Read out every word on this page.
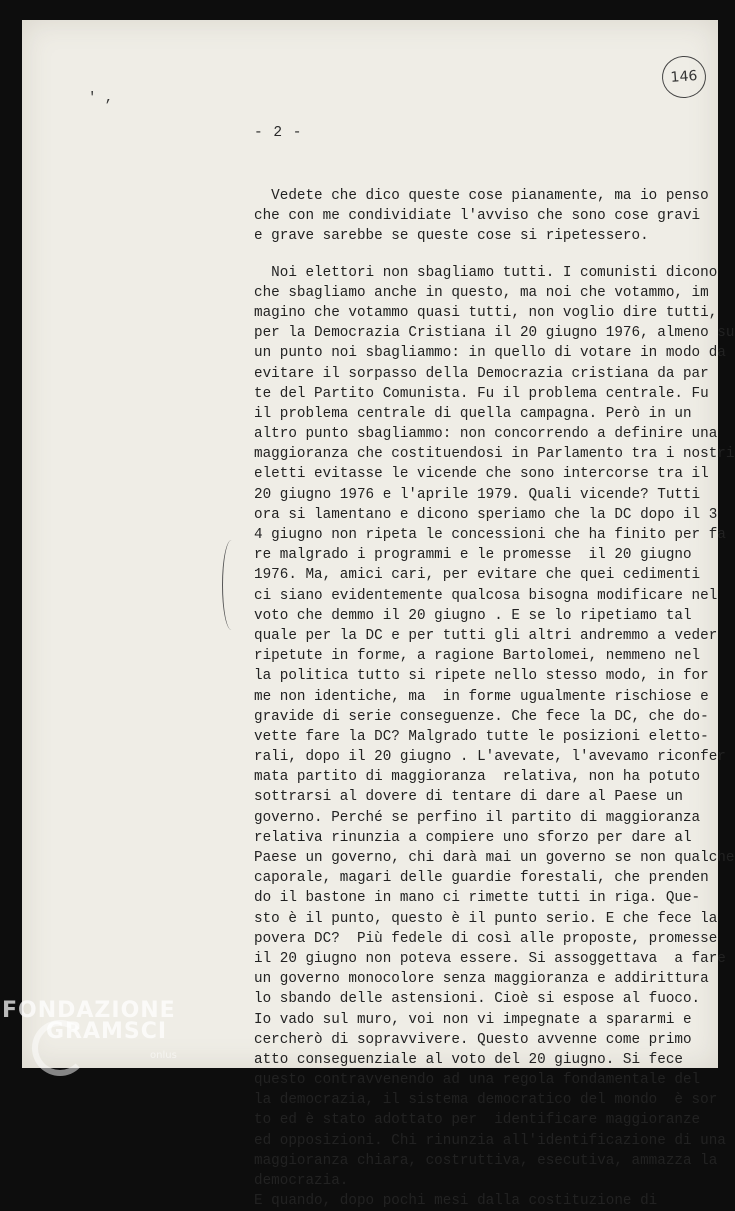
' ,
146
- 2 -
Vedete che dico queste cose pianamente, ma io penso
che con me condividiate l'avviso che sono cose gravi
e grave sarebbe se queste cose si ripetessero.
Noi elettori non sbagliamo tutti. I comunisti dicono
che sbagliamo anche in questo, ma noi che votammo, im
magino che votammo quasi tutti, non voglio dire tutti,
per la Democrazia Cristiana il 20 giugno 1976, almeno su
un punto noi sbagliammo: in quello di votare in modo da
evitare il sorpasso della Democrazia cristiana da par
te del Partito Comunista. Fu il problema centrale. Fu
il problema centrale di quella campagna. Però in un
altro punto sbagliammo: non concorrendo a definire una
maggioranza che costituendosi in Parlamento tra i nostri
eletti evitasse le vicende che sono intercorse tra il
20 giugno 1976 e l'aprile 1979. Quali vicende? Tutti
ora si lamentano e dicono speriamo che la DC dopo il 3
4 giugno non ripeta le concessioni che ha finito per fa
re malgrado i programmi e le promesse  il 20 giugno
1976. Ma, amici cari, per evitare che quei cedimenti
ci siano evidentemente qualcosa bisogna modificare nel
voto che demmo il 20 giugno . E se lo ripetiamo tal
quale per la DC e per tutti gli altri andremmo a veder
ripetute in forme, a ragione Bartolomei, nemmeno nel
la politica tutto si ripete nello stesso modo, in for
me non identiche, ma  in forme ugualmente rischiose e
gravide di serie conseguenze. Che fece la DC, che do-
vette fare la DC? Malgrado tutte le posizioni eletto-
rali, dopo il 20 giugno . L'avevate, l'avevamo riconfer
mata partito di maggioranza  relativa, non ha potuto
sottrarsi al dovere di tentare di dare al Paese un
governo. Perché se perfino il partito di maggioranza
relativa rinunzia a compiere uno sforzo per dare al
Paese un governo, chi darà mai un governo se non qualche
caporale, magari delle guardie forestali, che prenden
do il bastone in mano ci rimette tutti in riga. Que-
sto è il punto, questo è il punto serio. E che fece la
povera DC?  Più fedele di così alle proposte, promesse
il 20 giugno non poteva essere. Si assoggettava  a fare
un governo monocolore senza maggioranza e addirittura
lo sbando delle astensioni. Cioè si espose al fuoco.
Io vado sul muro, voi non vi impegnate a spararmi e
cercherò di sopravvivere. Questo avvenne come primo
atto conseguenziale al voto del 20 giugno. Si fece
questo contravvenendo ad una regola fondamentale del
la democrazia, il sistema democratico del mondo  è sor
to ed è stato adottato per  identificare maggioranze
ed opposizioni. Chi rinunzia all'identificazione di una
maggioranza chiara, costruttiva, esecutiva, ammazza la
democrazia.
E quando, dopo pochi mesi dalla costituzione di
FONDAZIONE
GRAMSCI
onlus
